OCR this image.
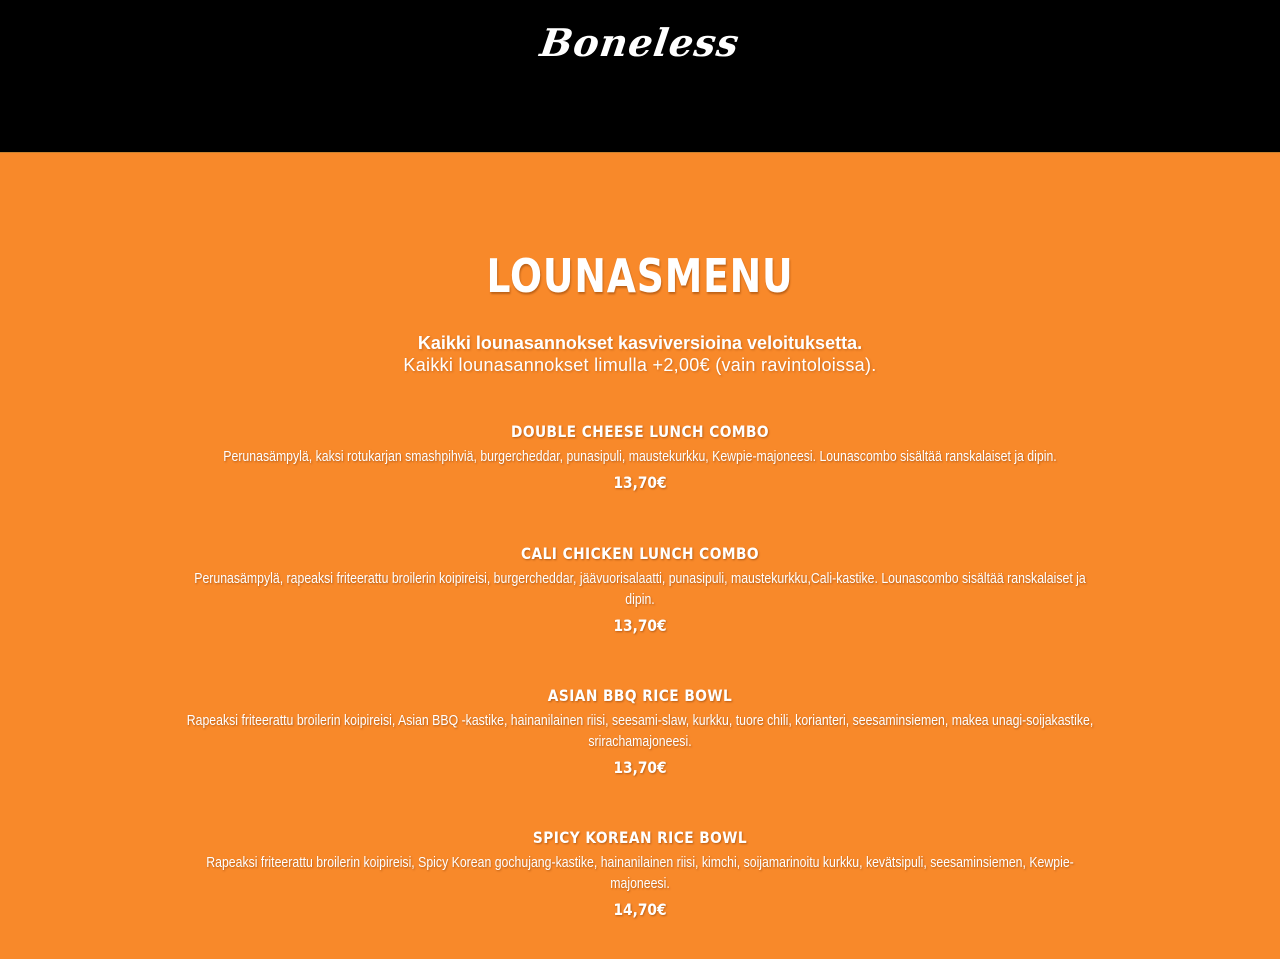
Boneless
LOUNASMENU
Kaikki lounasannokset kasviversioina veloituksetta.
Kaikki lounasannokset limulla +2,00€ (vain ravintoloissa).
DOUBLE CHEESE LUNCH COMBO
Perunasämpylä, kaksi rotukarjan smashpihviä, burgercheddar, punasipuli, maustekurkku, Kewpie-majoneesi. Lounascombo sisältää ranskalaiset ja dipin.
13,70€
CALI CHICKEN LUNCH COMBO
Perunasämpylä, rapeaksi friteerattu broilerin koipireisi, burgercheddar, jäävuorisalaatti, punasipuli, maustekurkku,Cali-kastike. Lounascombo sisältää ranskalaiset ja dipin.
13,70€
ASIAN BBQ RICE BOWL
Rapeaksi friteerattu broilerin koipireisi, Asian BBQ -kastike, hainanilainen riisi, seesami-slaw, kurkku, tuore chili, korianteri, seesaminsiemen, makea unagi-soijakastike, srirachamajoneesi.
13,70€
SPICY KOREAN RICE BOWL
Rapeaksi friteerattu broilerin koipireisi, Spicy Korean gochujang-kastike, hainanilainen riisi, kimchi, soijamarinoitu kurkku, kevätsipuli, seesaminsiemen, Kewpie-majoneesi.
14,70€
